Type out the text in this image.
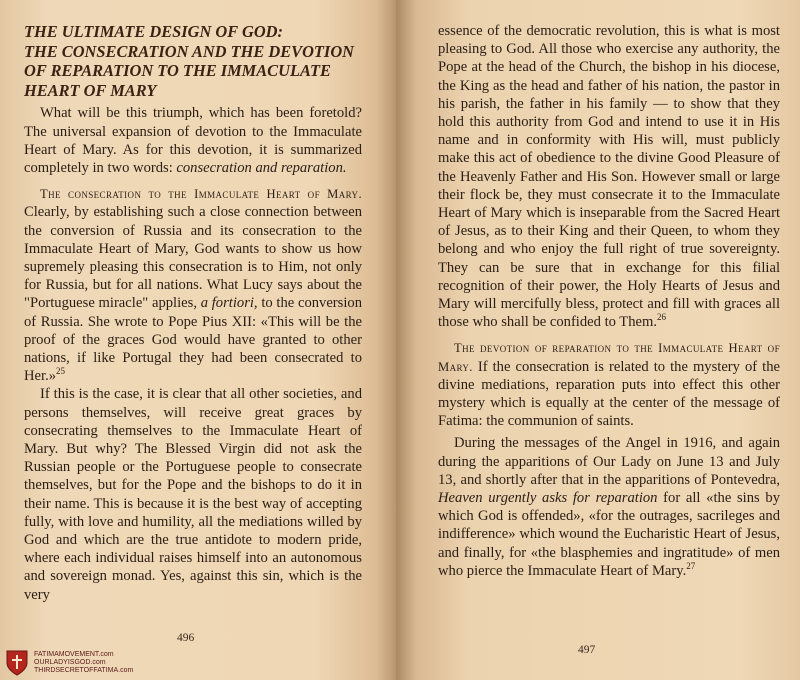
THE ULTIMATE DESIGN OF GOD:
THE CONSECRATION AND THE DEVOTION OF REPARATION TO THE IMMACULATE HEART OF MARY

What will be this triumph, which has been foretold? The universal expansion of devotion to the Immaculate Heart of Mary. As for this devotion, it is summarized completely in two words: consecration and reparation.

The consecration to the Immaculate Heart of Mary. Clearly, by establishing such a close connection between the conversion of Russia and its consecration to the Immaculate Heart of Mary, God wants to show us how supremely pleasing this consecration is to Him, not only for Russia, but for all nations. What Lucy says about the "Portuguese miracle" applies, a fortiori, to the conversion of Russia. She wrote to Pope Pius XII: «This will be the proof of the graces God would have granted to other nations, if like Portugal they had been consecrated to Her.»$^{25}$

If this is the case, it is clear that all other societies, and persons themselves, will receive great graces by consecrating themselves to the Immaculate Heart of Mary. But why? The Blessed Virgin did not ask the Russian people or the Portuguese people to consecrate themselves, but for the Pope and the bishops to do it in their name. This is because it is the best way of accepting fully, with love and humility, all the mediations willed by God and which are the true antidote to modern pride, where each individual raises himself into an autonomous and sovereign monad. Yes, against this sin, which is the very

496

essence of the democratic revolution, this is what is most pleasing to God. All those who exercise any authority, the Pope at the head of the Church, the bishop in his diocese, the King as the head and father of his nation, the pastor in his parish, the father in his family — to show that they hold this authority from God and intend to use it in His name and in conformity with His will, must publicly make this act of obedience to the divine Good Pleasure of the Heavenly Father and His Son. However small or large their flock be, they must consecrate it to the Immaculate Heart of Mary which is inseparable from the Sacred Heart of Jesus, as to their King and their Queen, to whom they belong and who enjoy the full right of true sovereignty. They can be sure that in exchange for this filial recognition of their power, the Holy Hearts of Jesus and Mary will mercifully bless, protect and fill with graces all those who shall be confided to Them.$^{26}$

The devotion of reparation to the Immaculate Heart of Mary. If the consecration is related to the mystery of the divine mediations, reparation puts into effect this other mystery which is equally at the center of the message of Fatima: the communion of saints.

During the messages of the Angel in 1916, and again during the apparitions of Our Lady on June 13 and July 13, and shortly after that in the apparitions of Pontevedra, Heaven urgently asks for reparation for all «the sins by which God is offended», «for the outrages, sacrileges and indifference» which wound the Eucharistic Heart of Jesus, and finally, for «the blasphemies and ingratitude» of men who pierce the Immaculate Heart of Mary.$^{27}$

497
FATIMAMOVEMENT.com
OURLADYISGOD.com
THIRDSECRETOFFATIMA.com
